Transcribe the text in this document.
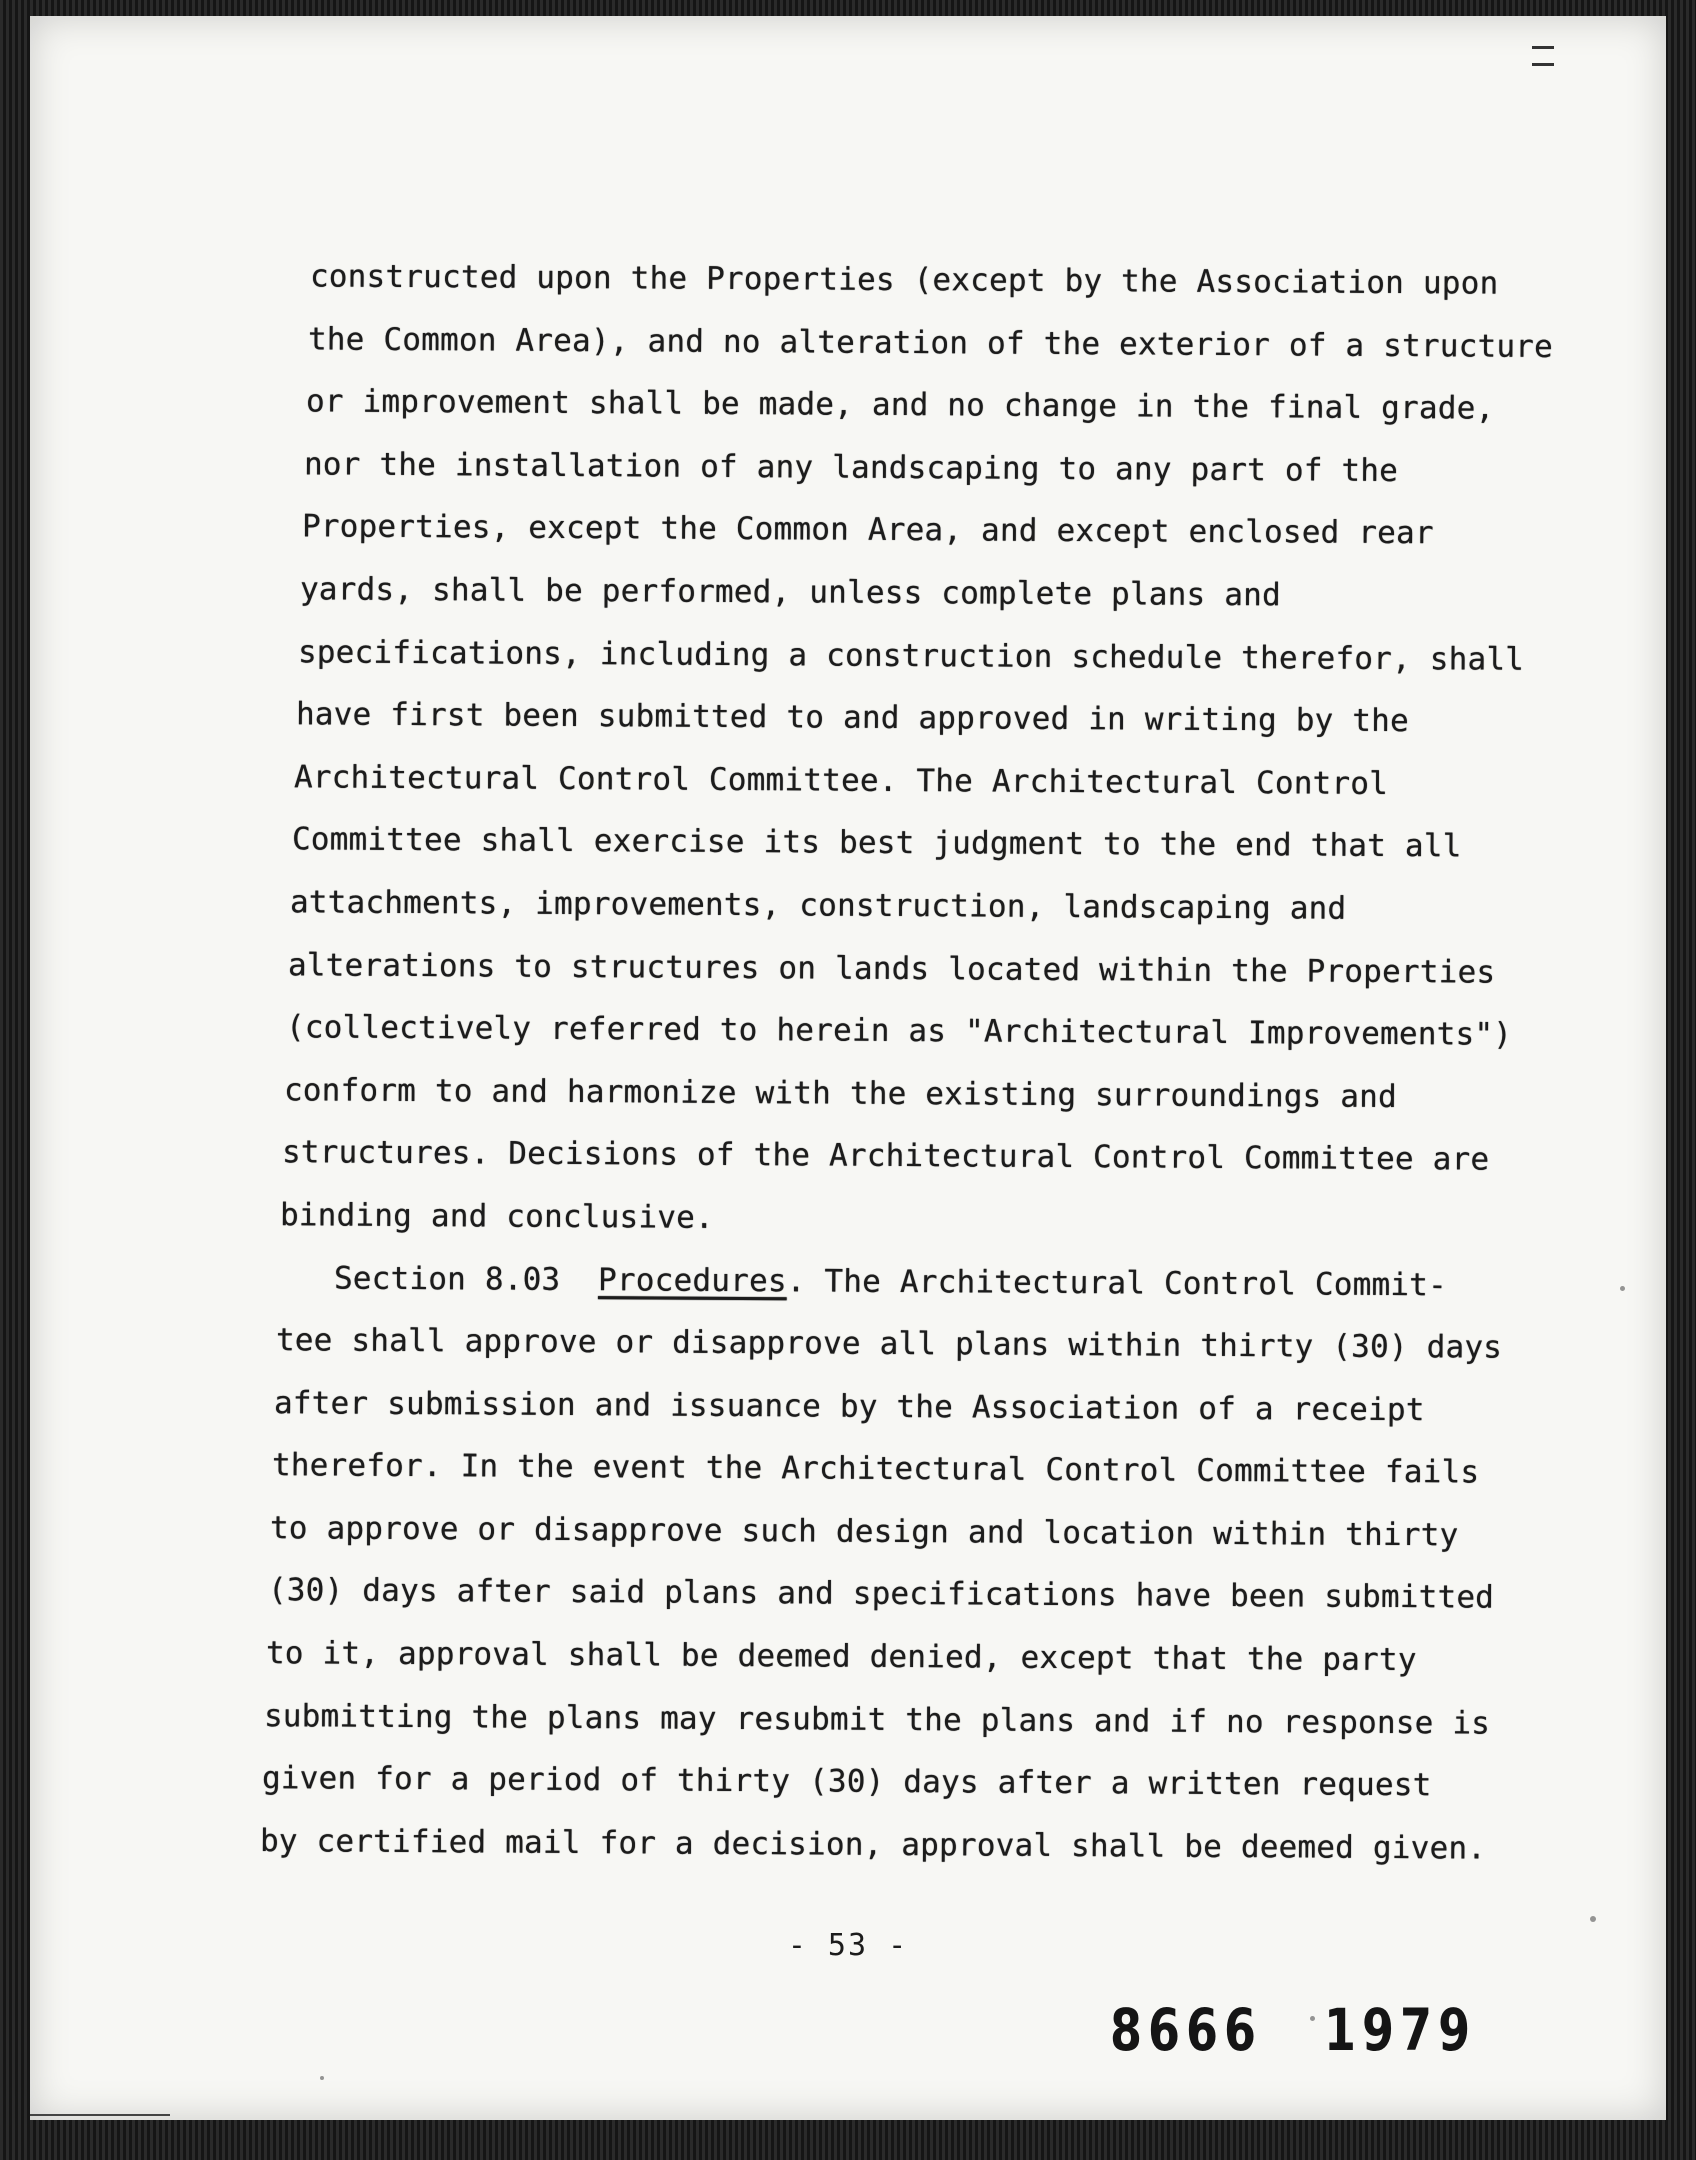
constructed upon the Properties (except by the Association upon
the Common Area), and no alteration of the exterior of a structure
or improvement shall be made, and no change in the final grade,
nor the installation of any landscaping to any part of the
Properties, except the Common Area, and except enclosed rear
yards, shall be performed, unless complete plans and
specifications, including a construction schedule therefor, shall
have first been submitted to and approved in writing by the
Architectural Control Committee. The Architectural Control
Committee shall exercise its best judgment to the end that all
attachments, improvements, construction, landscaping and
alterations to structures on lands located within the Properties
(collectively referred to herein as "Architectural Improvements")
conform to and harmonize with the existing surroundings and
structures. Decisions of the Architectural Control Committee are
binding and conclusive.
Section 8.03 Procedures. The Architectural Control Commit-
tee shall approve or disapprove all plans within thirty (30) days
after submission and issuance by the Association of a receipt
therefor. In the event the Architectural Control Committee fails
to approve or disapprove such design and location within thirty
(30) days after said plans and specifications have been submitted
to it, approval shall be deemed denied, except that the party
submitting the plans may resubmit the plans and if no response is
given for a period of thirty (30) days after a written request
by certified mail for a decision, approval shall be deemed given.
- 53 -
8666 1979
